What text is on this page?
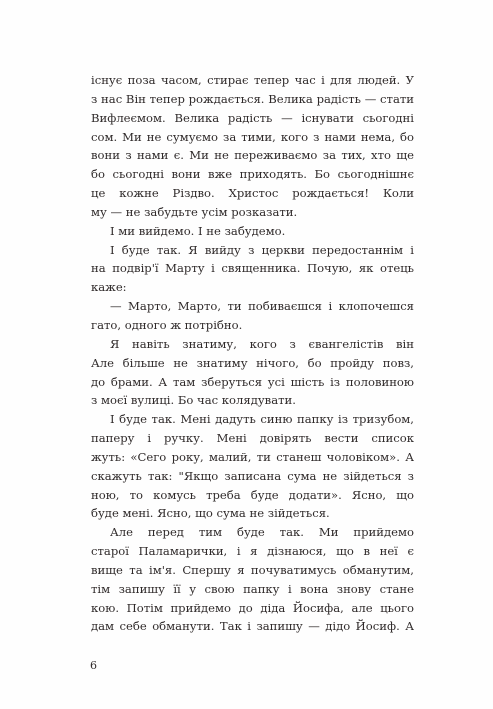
існує поза часом, стирає тепер час і для людей. У
з нас Він тепер рождається. Велика радість — стати
Вифлеємом. Велика радість — існувати сьогодні
сом. Ми не сумуємо за тими, кого з нами нема, бо
вони з нами є. Ми не переживаємо за тих, хто ще
бо сьогодні вони вже приходять. Бо сьогоднішнє
це кожне Різдво. Христос рождається! Коли
му — не забудьте усім розказати.
І ми вийдемо. І не забудемо.
І буде так. Я вийду з церкви передостаннім і
на подвір'ї Марту і священника. Почую, як отець
каже:
— Марто, Марто, ти побиваєшся і клопочешся
гато, одного ж потрібно.
Я навіть знатиму, кого з євангелістів він
Але більше не знатиму нічого, бо пройду повз,
до брами. А там зберуться усі шість із половиною
з моєї вулиці. Бо час колядувати.
І буде так. Мені дадуть синю папку із тризубом,
паперу і ручку. Мені довірять вести список
жуть: «Сего року, малий, ти станеш чоловіком». А
скажуть так: "Якщо записана сума не зійдеться з
ною, то комусь треба буде додати». Ясно, що
буде мені. Ясно, що сума не зійдеться.
Але перед тим буде так. Ми прийдемо
старої Паламарички, і я дізнаюся, що в неї є
вище та ім'я. Спершу я почуватимусь обманутим,
тім запишу її у свою папку і вона знову стане
кою. Потім прийдемо до діда Йосифа, але цього
дам себе обманути. Так і запишу — дідо Йосиф. А
6
